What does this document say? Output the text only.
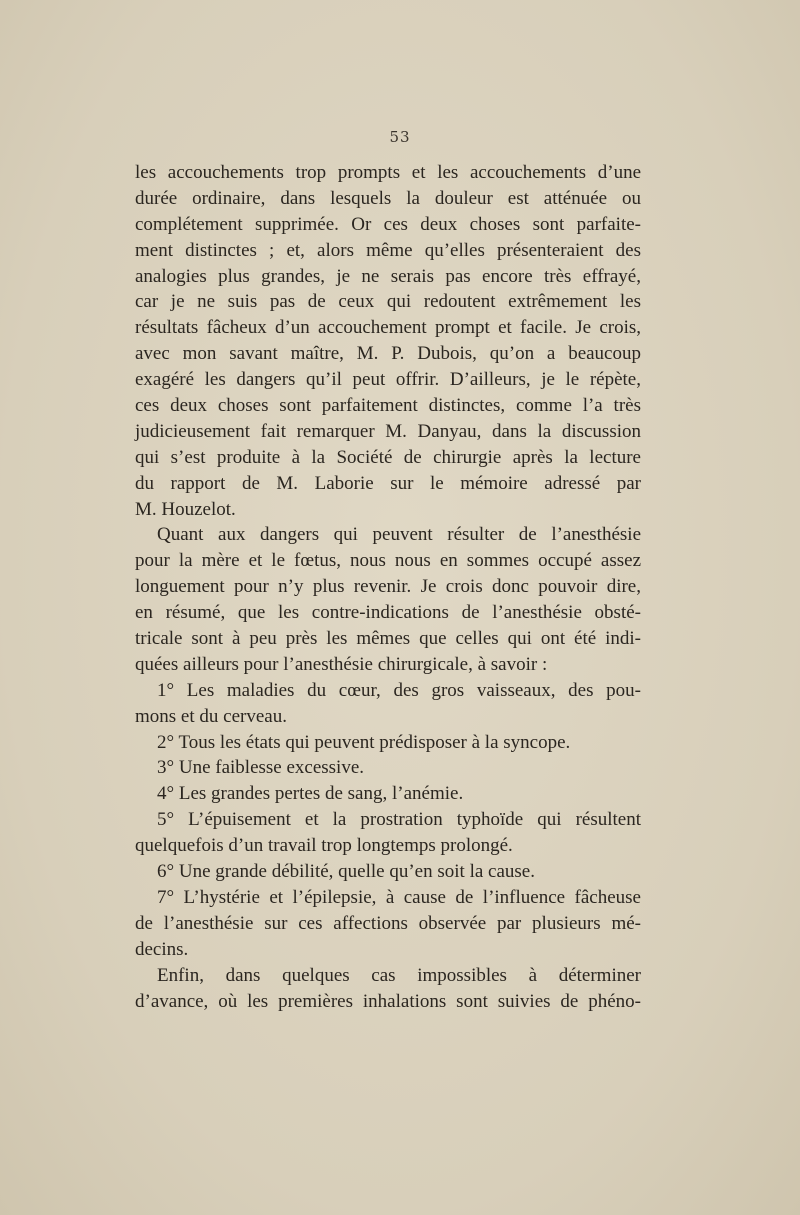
53
les accouchements trop prompts et les accouchements d’une
durée ordinaire, dans lesquels la douleur est atténuée ou
complétement supprimée. Or ces deux choses sont parfaite-
ment distinctes ; et, alors même qu’elles présenteraient des
analogies plus grandes, je ne serais pas encore très effrayé,
car je ne suis pas de ceux qui redoutent extrêmement les
résultats fâcheux d’un accouchement prompt et facile. Je crois,
avec mon savant maître, M. P. Dubois, qu’on a beaucoup
exagéré les dangers qu’il peut offrir. D’ailleurs, je le répète,
ces deux choses sont parfaitement distinctes, comme l’a très
judicieusement fait remarquer M. Danyau, dans la discussion
qui s’est produite à la Société de chirurgie après la lecture
du rapport de M. Laborie sur le mémoire adressé par
M. Houzelot.
Quant aux dangers qui peuvent résulter de l’anesthésie
pour la mère et le fœtus, nous nous en sommes occupé assez
longuement pour n’y plus revenir. Je crois donc pouvoir dire,
en résumé, que les contre-indications de l’anesthésie obsté-
tricale sont à peu près les mêmes que celles qui ont été indi-
quées ailleurs pour l’anesthésie chirurgicale, à savoir :
1° Les maladies du cœur, des gros vaisseaux, des pou-
mons et du cerveau.
2° Tous les états qui peuvent prédisposer à la syncope.
3° Une faiblesse excessive.
4° Les grandes pertes de sang, l’anémie.
5° L’épuisement et la prostration typhoïde qui résultent
quelquefois d’un travail trop longtemps prolongé.
6° Une grande débilité, quelle qu’en soit la cause.
7° L’hystérie et l’épilepsie, à cause de l’influence fâcheuse
de l’anesthésie sur ces affections observée par plusieurs mé-
decins.
Enfin, dans quelques cas impossibles à déterminer
d’avance, où les premières inhalations sont suivies de phéno-
